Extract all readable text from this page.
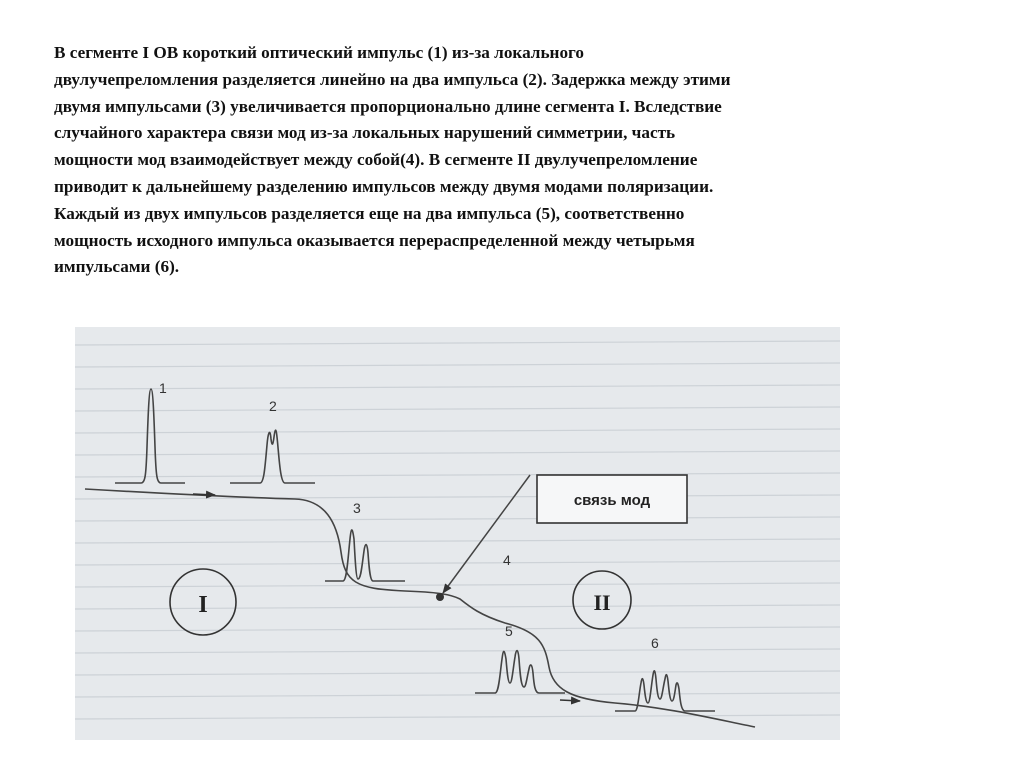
В сегменте I ОВ короткий оптический импульс (1) из-за локального

двулучепреломления разделяется линейно на два импульса (2). Задержка между этими

двумя импульсами (3) увеличивается пропорционально длине сегмента I. Вследствие

случайного характера связи мод из-за локальных нарушений симметрии, часть

мощности мод взаимодействует между собой(4). В сегменте II двулучепреломление

приводит к дальнейшему разделению импульсов между двумя модами поляризации.

Каждый из двух импульсов разделяется еще на два импульса (5), соответственно

мощность исходного импульса оказывается перераспределенной между четырьмя

импульсами (6).

связь мод
I	II
1
2
3
4
5
6
